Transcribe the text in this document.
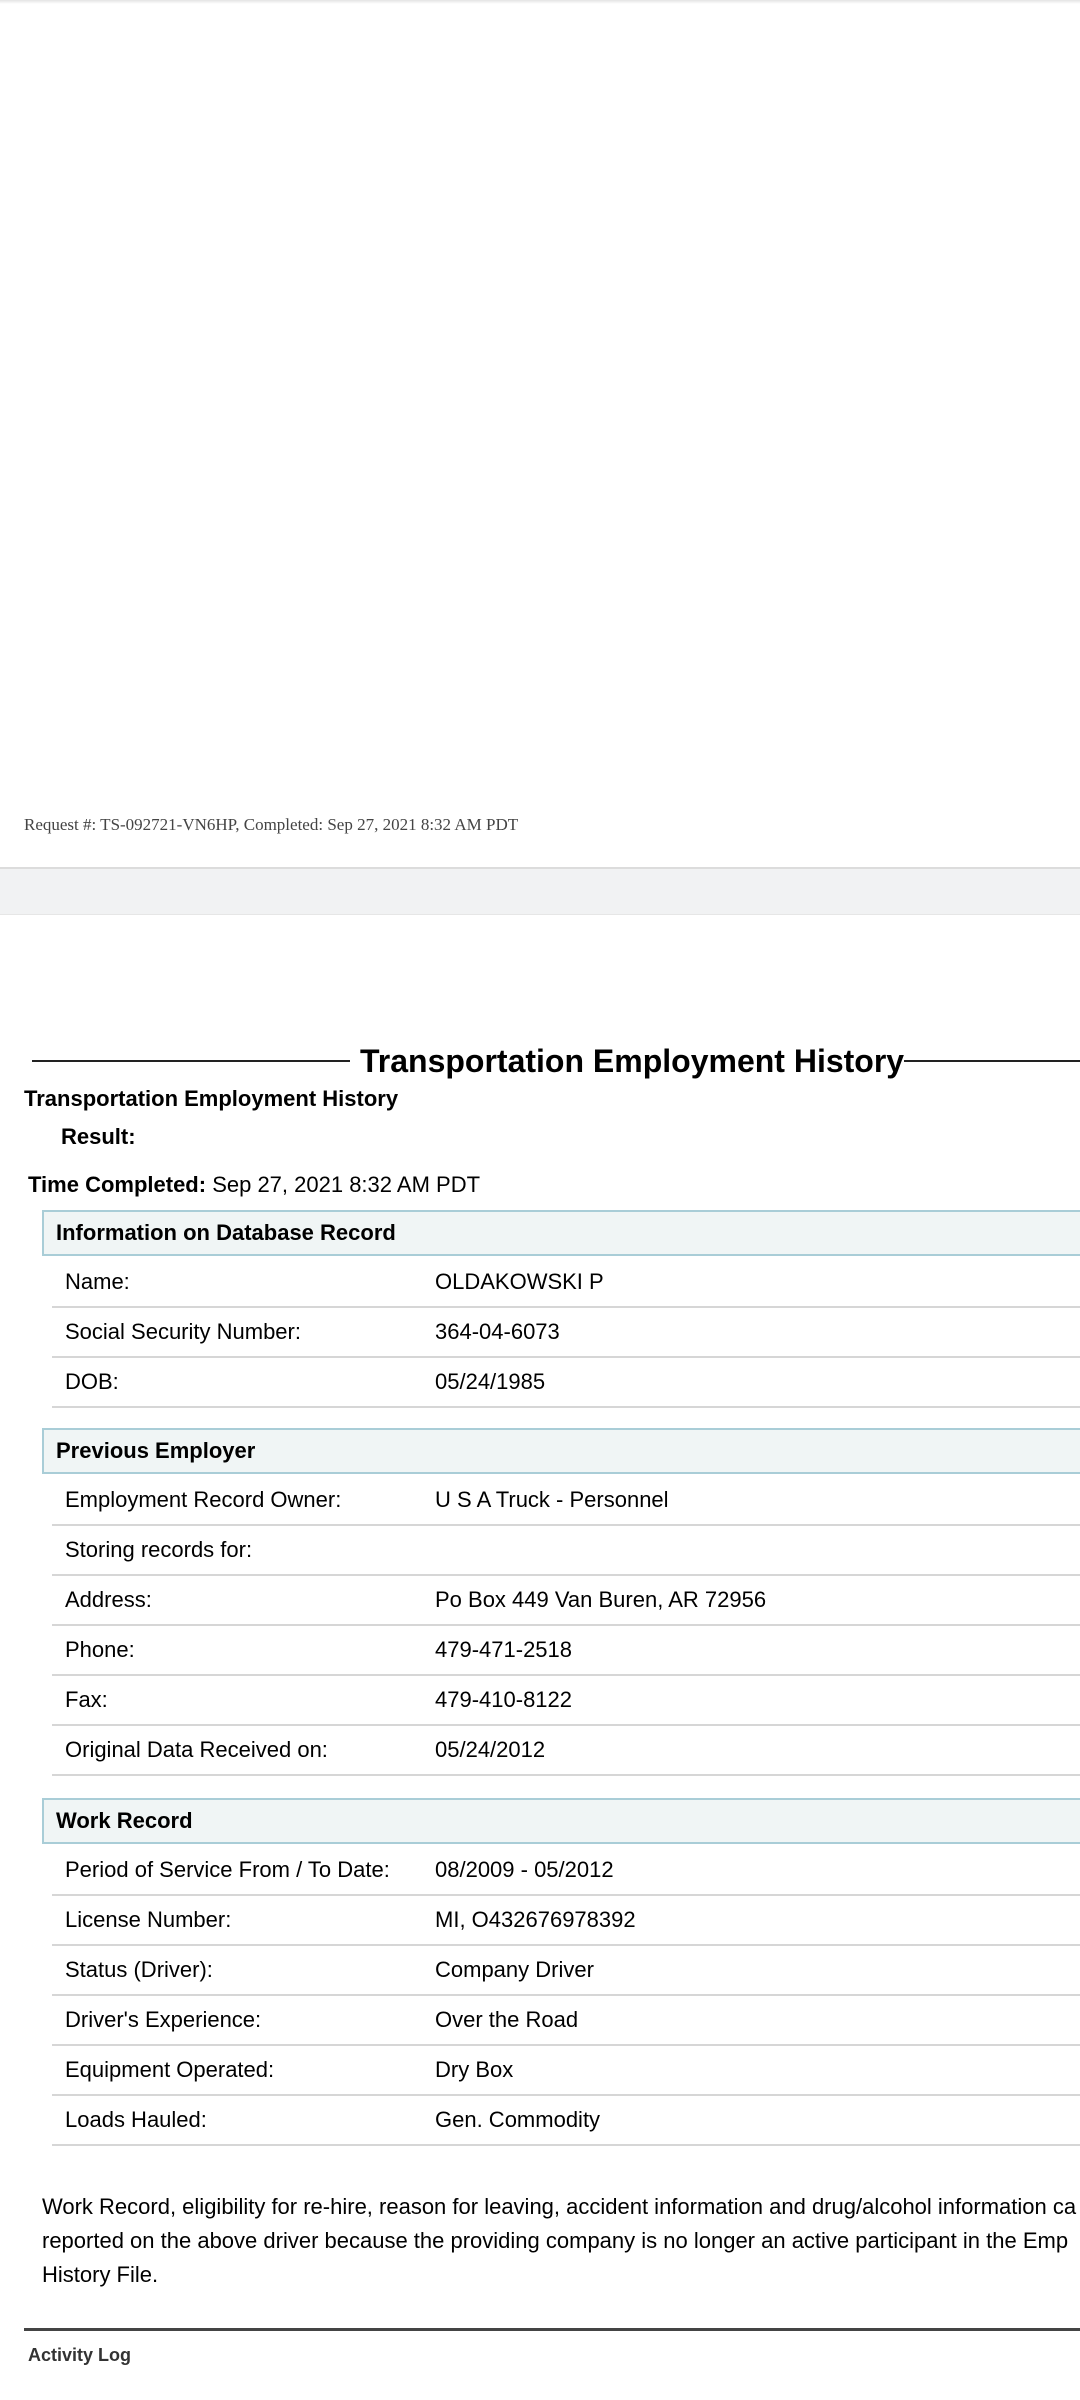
Request #: TS-092721-VN6HP, Completed: Sep 27, 2021 8:32 AM PDT
Transportation Employment History
Transportation Employment History
Result:
Time Completed: Sep 27, 2021 8:32 AM PDT
Information on Database Record
Name:	OLDAKOWSKI P
Social Security Number:	364-04-6073
DOB:	05/24/1985
Previous Employer
Employment Record Owner:	U S A Truck - Personnel
Storing records for:
Address:	Po Box 449 Van Buren, AR 72956
Phone:	479-471-2518
Fax:	479-410-8122
Original Data Received on:	05/24/2012
Work Record
Period of Service From / To Date:	08/2009 - 05/2012
License Number:	MI, O432676978392
Status (Driver):	Company Driver
Driver's Experience:	Over the Road
Equipment Operated:	Dry Box
Loads Hauled:	Gen. Commodity
Work Record, eligibility for re-hire, reason for leaving, accident information and drug/alcohol information ca
reported on the above driver because the providing company is no longer an active participant in the Emp
History File.
Activity Log
